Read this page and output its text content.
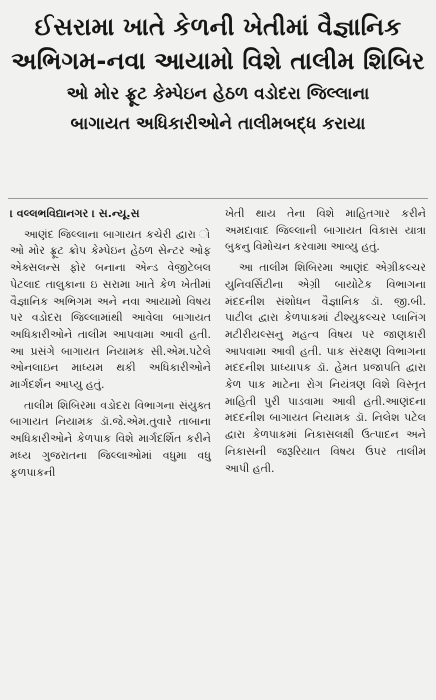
ઈસરામા ખાતે કેળની ખેતીમાં વૈજ્ઞાનિક
અભિગમ-નવા આયામો વિશે તાલીમ શિબિર
ઓ મોર ફ્રૂટ કેમ્પેઇન હેઠળ વડોદરા જિલ્લાના
બાગાયત અધિકારીઓને તાલીમબદ્ધ કરાયા

। વલ્લભવિદ્યાનગર । સ.ન્યૂ.સ

આણંદ જિલ્લાના બાગાયત કચેરી દ્વારા ો ઓ મોર ફ્રૂટ ક્રોપ કેમ્પેઇન હેઠળ સેન્ટર ઓફ એક્સલન્સ ફોર બનાના એન્ડ વેજીટેબલ પેટલાદ તાલુકાના ઇ સરામા ખાતે કેળ ખેતીમાં વૈજ્ઞાનિક અભિગમ અને નવા આયામો વિષય પર વડોદરા જિલ્લામાંથી આવેલા બાગાયત અધિકારીઓને તાલીમ આપવામા આવી હતી. આ પ્રસંગે બાગાયત નિયામક સી.એમ.પટેલે ઓનલાઇન માધ્યમ થકી અધિકારીઓને માર્ગદર્શન આપ્યુ હતું.

તાલીમ શિબિરમા વડોદરા વિભાગના સંયુક્ત બાગાયત નિયામક ડૉ.જે.એમ.તુવારે તાબાના અધિકારીઓને કેળપાક વિશે માર્ગદર્શિત કરીને મધ્ય ગુજરાતના જિલ્લાઓમાં વધુમા વધુ ફળપાકની

ખેતી થાય તેના વિશે માહિતગાર કરીને અમદાવાદ જિલ્લાની બાગાયત વિકાસ યાત્રા બુકનુ વિમોચન કરવામા આવ્યુ હતું.

આ તાલીમ શિબિરમા આણંદ એગ્રીકલ્ચર યુનિવર્સિટીના એગ્રી બાયોટેક વિભાગના મંદદનીશ સંશોધન વૈજ્ઞાનિક ડૉ. જી.બી. પાટીલ દ્વારા કેળપાકમાં ટીશ્યુકલ્ચર પ્લાનિંગ મટીરીયલ્સનુ મહત્વ વિષય પર જાણકારી આપવામા આવી હતી. પાક સંરક્ષણ વિભાગના મદદનીશ પ્રાધ્યાપક ડૉ. હેમત પ્રજાપતિ દ્વારા કેળ પાક માટેના રોગ નિયંત્રણ વિશે વિસ્તૃત માહિતી પુરી પાડવામા આવી હતી.આણંદના મદદનીશ બાગાયત નિયામક ડૉ. નિલેશ પટેલ દ્વારા કેળપાકમાં નિકાસલક્ષી ઉત્પાદન અને નિકાસની જરૂરિયાત વિષય ઉપર તાલીમ આપી હતી.
